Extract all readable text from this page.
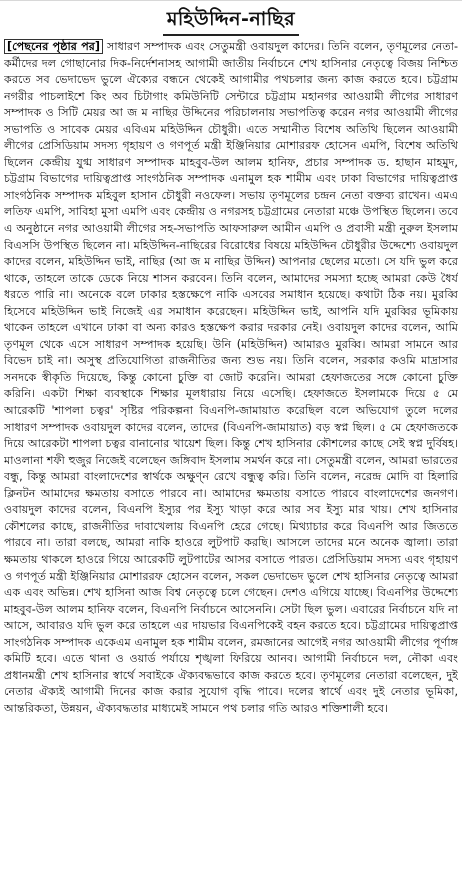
মহিউদ্দিন-নাছির
[পেছনের পৃষ্ঠার পর] সাধারণ সম্পাদক এবং সেতুমন্ত্রী ওবায়দুল কাদের। তিনি বলেন, তৃণমূলের নেতা-কর্মীদের দল গোছানোর দিক-নির্দেশনাসহ আগামী জাতীয় নির্বাচনে শেখ হাসিনার নেতৃত্বে বিজয় নিশ্চিত করতে সব ভেদাভেদ ভুলে ঐক্যের বন্ধনে থেকেই আগামীর পথচলার জন্য কাজ করতে হবে। চট্টগ্রাম নগরীর পাচলাইশে কিং অব চিটাগাং কমিউনিটি সেন্টারে চট্টগ্রাম মহানগর আওয়ামী লীগের সাধারণ সম্পাদক ও সিটি মেয়র আ জ ম নাছির উদ্দিনের পরিচালনায় সভাপতিত্ব করেন নগর আওয়ামী লীগের সভাপতি ও সাবেক মেয়র এবিএম মহিউদ্দিন চৌধুরী। এতে সম্মানীত বিশেষ অতিথি ছিলেন আওয়ামী লীগের প্রেসিডিয়াম সদস্য গৃহায়ণ ও গণপূর্ত মন্ত্রী ইঞ্জিনিয়ার মোশাররফ হোসেন এমপি, বিশেষ অতিথি ছিলেন কেন্দ্রীয় যুগ্ম সাধারণ সম্পাদক মাহবুব-উল আলম হানিফ, প্রচার সম্পাদক ড. হাছান মাহমুদ, চট্টগ্রাম বিভাগের দায়িত্বপ্রাপ্ত সাংগঠনিক সম্পাদক এনামুল হক শামীম এবং ঢাকা বিভাগের দায়িত্বপ্রাপ্ত সাংগঠনিক সম্পাদক মহিবুল হাসান চৌধুরী নওফেল। সভায় তৃণমূলের চন্দ্রন নেতা বক্তব্য রাখেন। এমএ লতিফ এমপি, সাবিহা মুসা এমপি এবং কেন্দ্রীয় ও নগরসহ চট্টগ্রামের নেতারা মঞ্চে উপস্থিত ছিলেন। তবে এ অনুষ্ঠানে নগর আওয়ামী লীগের সহ-সভাপতি আফসারুল আমীন এমপি ও প্রবাসী মন্ত্রী নুরুল ইসলাম বিএসসি উপস্থিত ছিলেন না। মহিউদ্দিন-নাছিরের বিরোধের বিষয়ে মহিউদ্দিন চৌধুরীর উদ্দেশ্যে ওবায়দুল কাদের বলেন, মহিউদ্দিন ভাই, নাছির (আ জ ম নাছির উদ্দিন) আপনার ছেলের মতো। সে যদি ভুল করে থাকে, তাহলে তাকে ডেকে নিয়ে শাসন করবেন। তিনি বলেন, আমাদের সমস্যা হচ্ছে আমরা কেউ ধৈর্য ধরতে পারি না। অনেকে বলে ঢাকার হস্তক্ষেপে নাকি এসবের সমাধান হয়েছে। কথাটা ঠিক নয়। মুরব্বি হিসেবে মহিউদ্দিন ভাই নিজেই এর সমাধান করেছেন। মহিউদ্দিন ভাই, আপনি যদি মুরব্বির ভূমিকায় থাকেন তাহলে এখানে ঢাকা বা অন্য কারও হস্তক্ষেপ করার দরকার নেই। ওবায়দুল কাদের বলেন, আমি তৃণমূল থেকে এসে সাধারণ সম্পাদক হয়েছি। উনি (মহিউদ্দিন) আমারও মুরব্বি। আমরা সামনে আর বিভেদ চাই না। অসুস্থ প্রতিযোগিতা রাজনীতির জন্য শুভ নয়। তিনি বলেন, সরকার কওমি মাদ্রাসার সনদকে স্বীকৃতি দিয়েছে, কিন্তু কোনো চুক্তি বা জোট করেনি। আমরা হেফাজতের সঙ্গে কোনো চুক্তি করিনি। একটা শিক্ষা ব্যবস্থাকে শিক্ষার মূলধারায় নিয়ে এসেছি। হেফাজতে ইসলামকে দিয়ে ৫ মে আরেকটি 'শাপলা চত্বর' সৃষ্টির পরিকল্পনা বিএনপি-জামায়াত করেছিল বলে অভিযোগ তুলে দলের সাধারণ সম্পাদক ওবায়দুল কাদের বলেন, তাদের (বিএনপি-জামায়াত) বড় স্বপ্ন ছিল। ৫ মে হেফাজতকে দিয়ে আরেকটা শাপলা চত্বর বানানোর খায়েশ ছিল। কিন্তু শেখ হাসিনার কৌশলের কাছে সেই স্বপ্ন দুর্বিষহ। মাওলানা শফী হুজুর নিজেই বলেছেন জঙ্গিবাদ ইসলাম সমর্থন করে না। সেতুমন্ত্রী বলেন, আমরা ভারতের বন্ধু, কিন্তু আমরা বাংলাদেশের স্বার্থকে অক্ষুণ্ন রেখে বন্ধুত্ব করি। তিনি বলেন, নরেন্দ্র মোদি বা হিলারি ক্লিনটন আমাদের ক্ষমতায় বসাতে পারবে না। আমাদের ক্ষমতায় বসাতে পারবে বাংলাদেশের জনগণ। ওবায়দুল কাদের বলেন, বিএনপি ইস্যুর পর ইস্যু খাড়া করে আর সব ইস্যু মার খায়। শেখ হাসিনার কৌশলের কাছে, রাজনীতির দাবাখেলায় বিএনপি হেরে গেছে। মিথ্যাচার করে বিএনপি আর জিততে পারবে না। তারা বলছে, আমরা নাকি হাওরে লুটপাট করছি। আসলে তাদের মনে অনেক জ্বালা। তারা ক্ষমতায় থাকলে হাওরে গিয়ে আরেকটি লুটপাটের আসর বসাতে পারত। প্রেসিডিয়াম সদস্য এবং গৃহায়ণ ও গণপূর্ত মন্ত্রী ইঞ্জিনিয়ার মোশাররফ হোসেন বলেন, সকল ভেদাভেদ ভুলে শেখ হাসিনার নেতৃত্বে আমরা এক এবং অভিন্ন। শেখ হাসিনা আজ বিশ্ব নেতৃত্বে চলে গেছেন। দেশও এগিয়ে যাচ্ছে। বিএনপির উদ্দেশ্যে মাহবুব-উল আলম হানিফ বলেন, বিএনপি নির্বাচনে আসেননি। সেটা ছিল ভুল। এবারের নির্বাচনে যদি না আসে, আবারও যদি ভুল করে তাহলে এর দায়ভার বিএনপিকেই বহন করতে হবে। চট্টগ্রামের দায়িত্বপ্রাপ্ত সাংগঠনিক সম্পাদক একেএম এনামুল হক শামীম বলেন, রমজানের আগেই নগর আওয়ামী লীগের পূর্ণাঙ্গ কমিটি হবে। এতে থানা ও ওয়ার্ড পর্যায়ে শৃঙ্খলা ফিরিয়ে আনব। আগামী নির্বাচনে দল, নৌকা এবং প্রধানমন্ত্রী শেখ হাসিনার স্বার্থে সবাইকে ঐক্যবদ্ধভাবে কাজ করতে হবে। তৃণমূলের নেতারা বলেছেন, দুই নেতার ঐক্যই আগামী দিনের কাজ করার সুযোগ বৃদ্ধি পাবে। দলের স্বার্থে এবং দুই নেতার ভূমিকা, আন্তরিকতা, উন্নয়ন, ঐক্যবদ্ধতার মাধ্যমেই সামনে পথ চলার গতি আরও শক্তিশালী হবে।
